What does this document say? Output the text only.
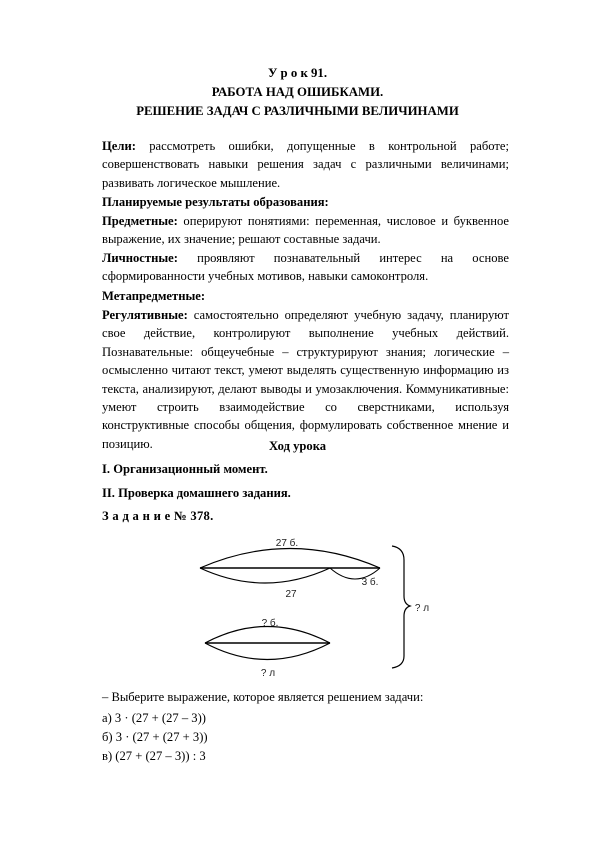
У р о к 91.
РАБОТА НАД ОШИБКАМИ.
РЕШЕНИЕ ЗАДАЧ С РАЗЛИЧНЫМИ ВЕЛИЧИНАМИ
Цели: рассмотреть ошибки, допущенные в контрольной работе; совершенствовать навыки решения задач с различными величинами; развивать логическое мышление.
Планируемые результаты образования:
Предметные: оперируют понятиями: переменная, числовое и буквенное выражение, их значение; решают составные задачи.
Личностные: проявляют познавательный интерес на основе сформированности учебных мотивов, навыки самоконтроля.
Метапредметные:
Регулятивные: самостоятельно определяют учебную задачу, планируют свое действие, контролируют выполнение учебных действий. Познавательные: общеучебные – структурируют знания; логические – осмысленно читают текст, умеют выделять существенную информацию из текста, анализируют, делают выводы и умозаключения. Коммуникативные: умеют строить взаимодействие со сверстниками, используя конструктивные способы общения, формулировать собственное мнение и позицию.	Ход урока
I. Организационный момент.
II. Проверка домашнего задания.
З а д а н и е № 378.
27 б.
27
3 б.
? л
? б.
? л
– Выберите выражение, которое является решением задачи:
а) 3 · (27 + (27 – 3))
б) 3 · (27 + (27 + 3))
в) (27 + (27 – 3)) : 3
